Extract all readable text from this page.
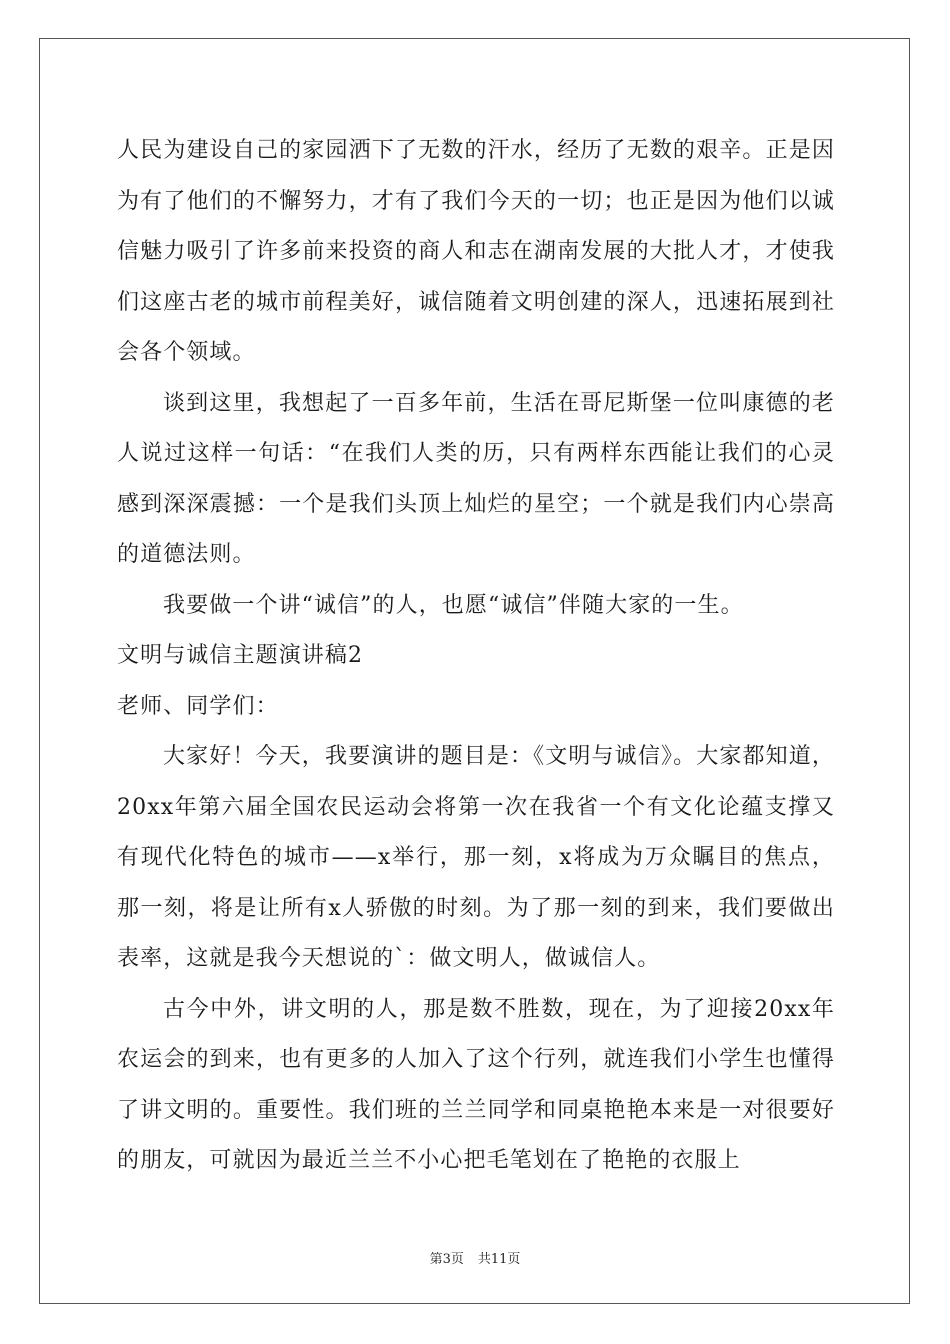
人民为建设自己的家园洒下了无数的汗水，经历了无数的艰辛。正是因为有了他们的不懈努力，才有了我们今天的一切；也正是因为他们以诚信魅力吸引了许多前来投资的商人和志在湖南发展的大批人才，才使我们这座古老的城市前程美好，诚信随着文明创建的深人，迅速拓展到社会各个领域。

谈到这里，我想起了一百多年前，生活在哥尼斯堡一位叫康德的老人说过这样一句话：“在我们人类的历，只有两样东西能让我们的心灵感到深深震撼：一个是我们头顶上灿烂的星空；一个就是我们内心崇高的道德法则。

我要做一个讲“诚信”的人，也愿“诚信”伴随大家的一生。

文明与诚信主题演讲稿2

老师、同学们：

大家好！今天，我要演讲的题目是：《文明与诚信》。大家都知道，20xx年第六届全国农民运动会将第一次在我省一个有文化论蕴支撑又有现代化特色的城市——x举行，那一刻，x将成为万众瞩目的焦点，那一刻，将是让所有x人骄傲的时刻。为了那一刻的到来，我们要做出表率，这就是我今天想说的`：做文明人，做诚信人。

古今中外，讲文明的人，那是数不胜数，现在，为了迎接20xx年农运会的到来，也有更多的人加入了这个行列，就连我们小学生也懂得了讲文明的。重要性。我们班的兰兰同学和同桌艳艳本来是一对很要好的朋友，可就因为最近兰兰不小心把毛笔划在了艳艳的衣服上

第3页 共11页
